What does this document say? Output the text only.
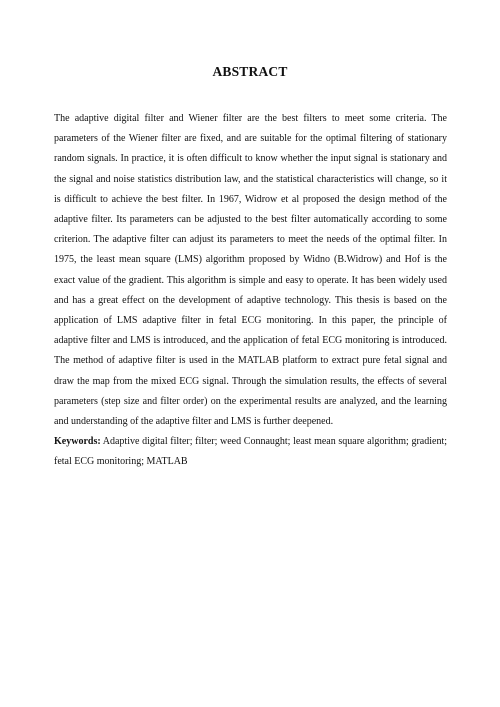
ABSTRACT

The adaptive digital filter and Wiener filter are the best filters to meet some criteria. The parameters of the Wiener filter are fixed, and are suitable for the optimal filtering of stationary random signals. In practice, it is often difficult to know whether the input signal is stationary and the signal and noise statistics distribution law, and the statistical characteristics will change, so it is difficult to achieve the best filter. In 1967, Widrow et al proposed the design method of the adaptive filter. Its parameters can be adjusted to the best filter automatically according to some criterion. The adaptive filter can adjust its parameters to meet the needs of the optimal filter. In 1975, the least mean square (LMS) algorithm proposed by Widno (B.Widrow) and Hof is the exact value of the gradient. This algorithm is simple and easy to operate. It has been widely used and has a great effect on the development of adaptive technology. This thesis is based on the application of LMS adaptive filter in fetal ECG monitoring. In this paper, the principle of adaptive filter and LMS is introduced, and the application of fetal ECG monitoring is introduced. The method of adaptive filter is used in the MATLAB platform to extract pure fetal signal and draw the map from the mixed ECG signal. Through the simulation results, the effects of several parameters (step size and filter order) on the experimental results are analyzed, and the learning and understanding of the adaptive filter and LMS is further deepened.

Keywords: Adaptive digital filter; filter; weed Connaught; least mean square algorithm; gradient; fetal ECG monitoring; MATLAB
